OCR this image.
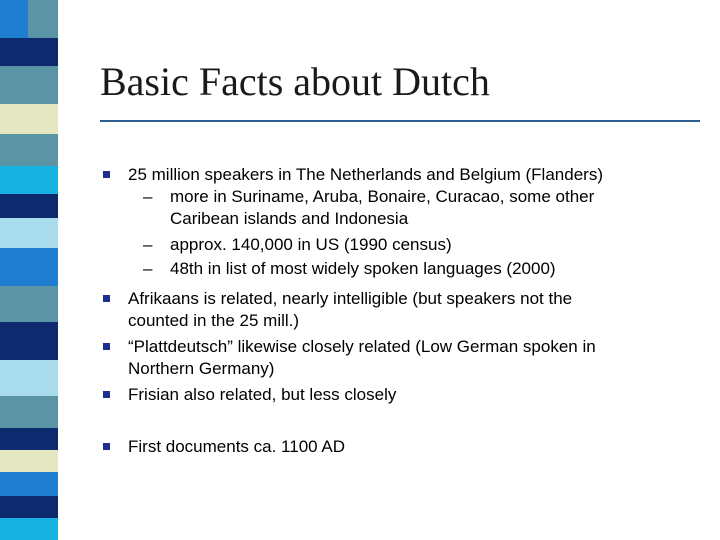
Basic Facts about Dutch
25 million speakers in The Netherlands and Belgium (Flanders)
– more in Suriname, Aruba, Bonaire, Curacao, some other
Caribean islands and Indonesia
– approx. 140,000 in US (1990 census)
– 48th in list of most widely spoken languages (2000)
Afrikaans is related, nearly intelligible (but speakers not the
counted in the 25 mill.)
“Plattdeutsch” likewise closely related (Low German spoken in
Northern Germany)
Frisian also related, but less closely
First documents ca. 1100 AD
